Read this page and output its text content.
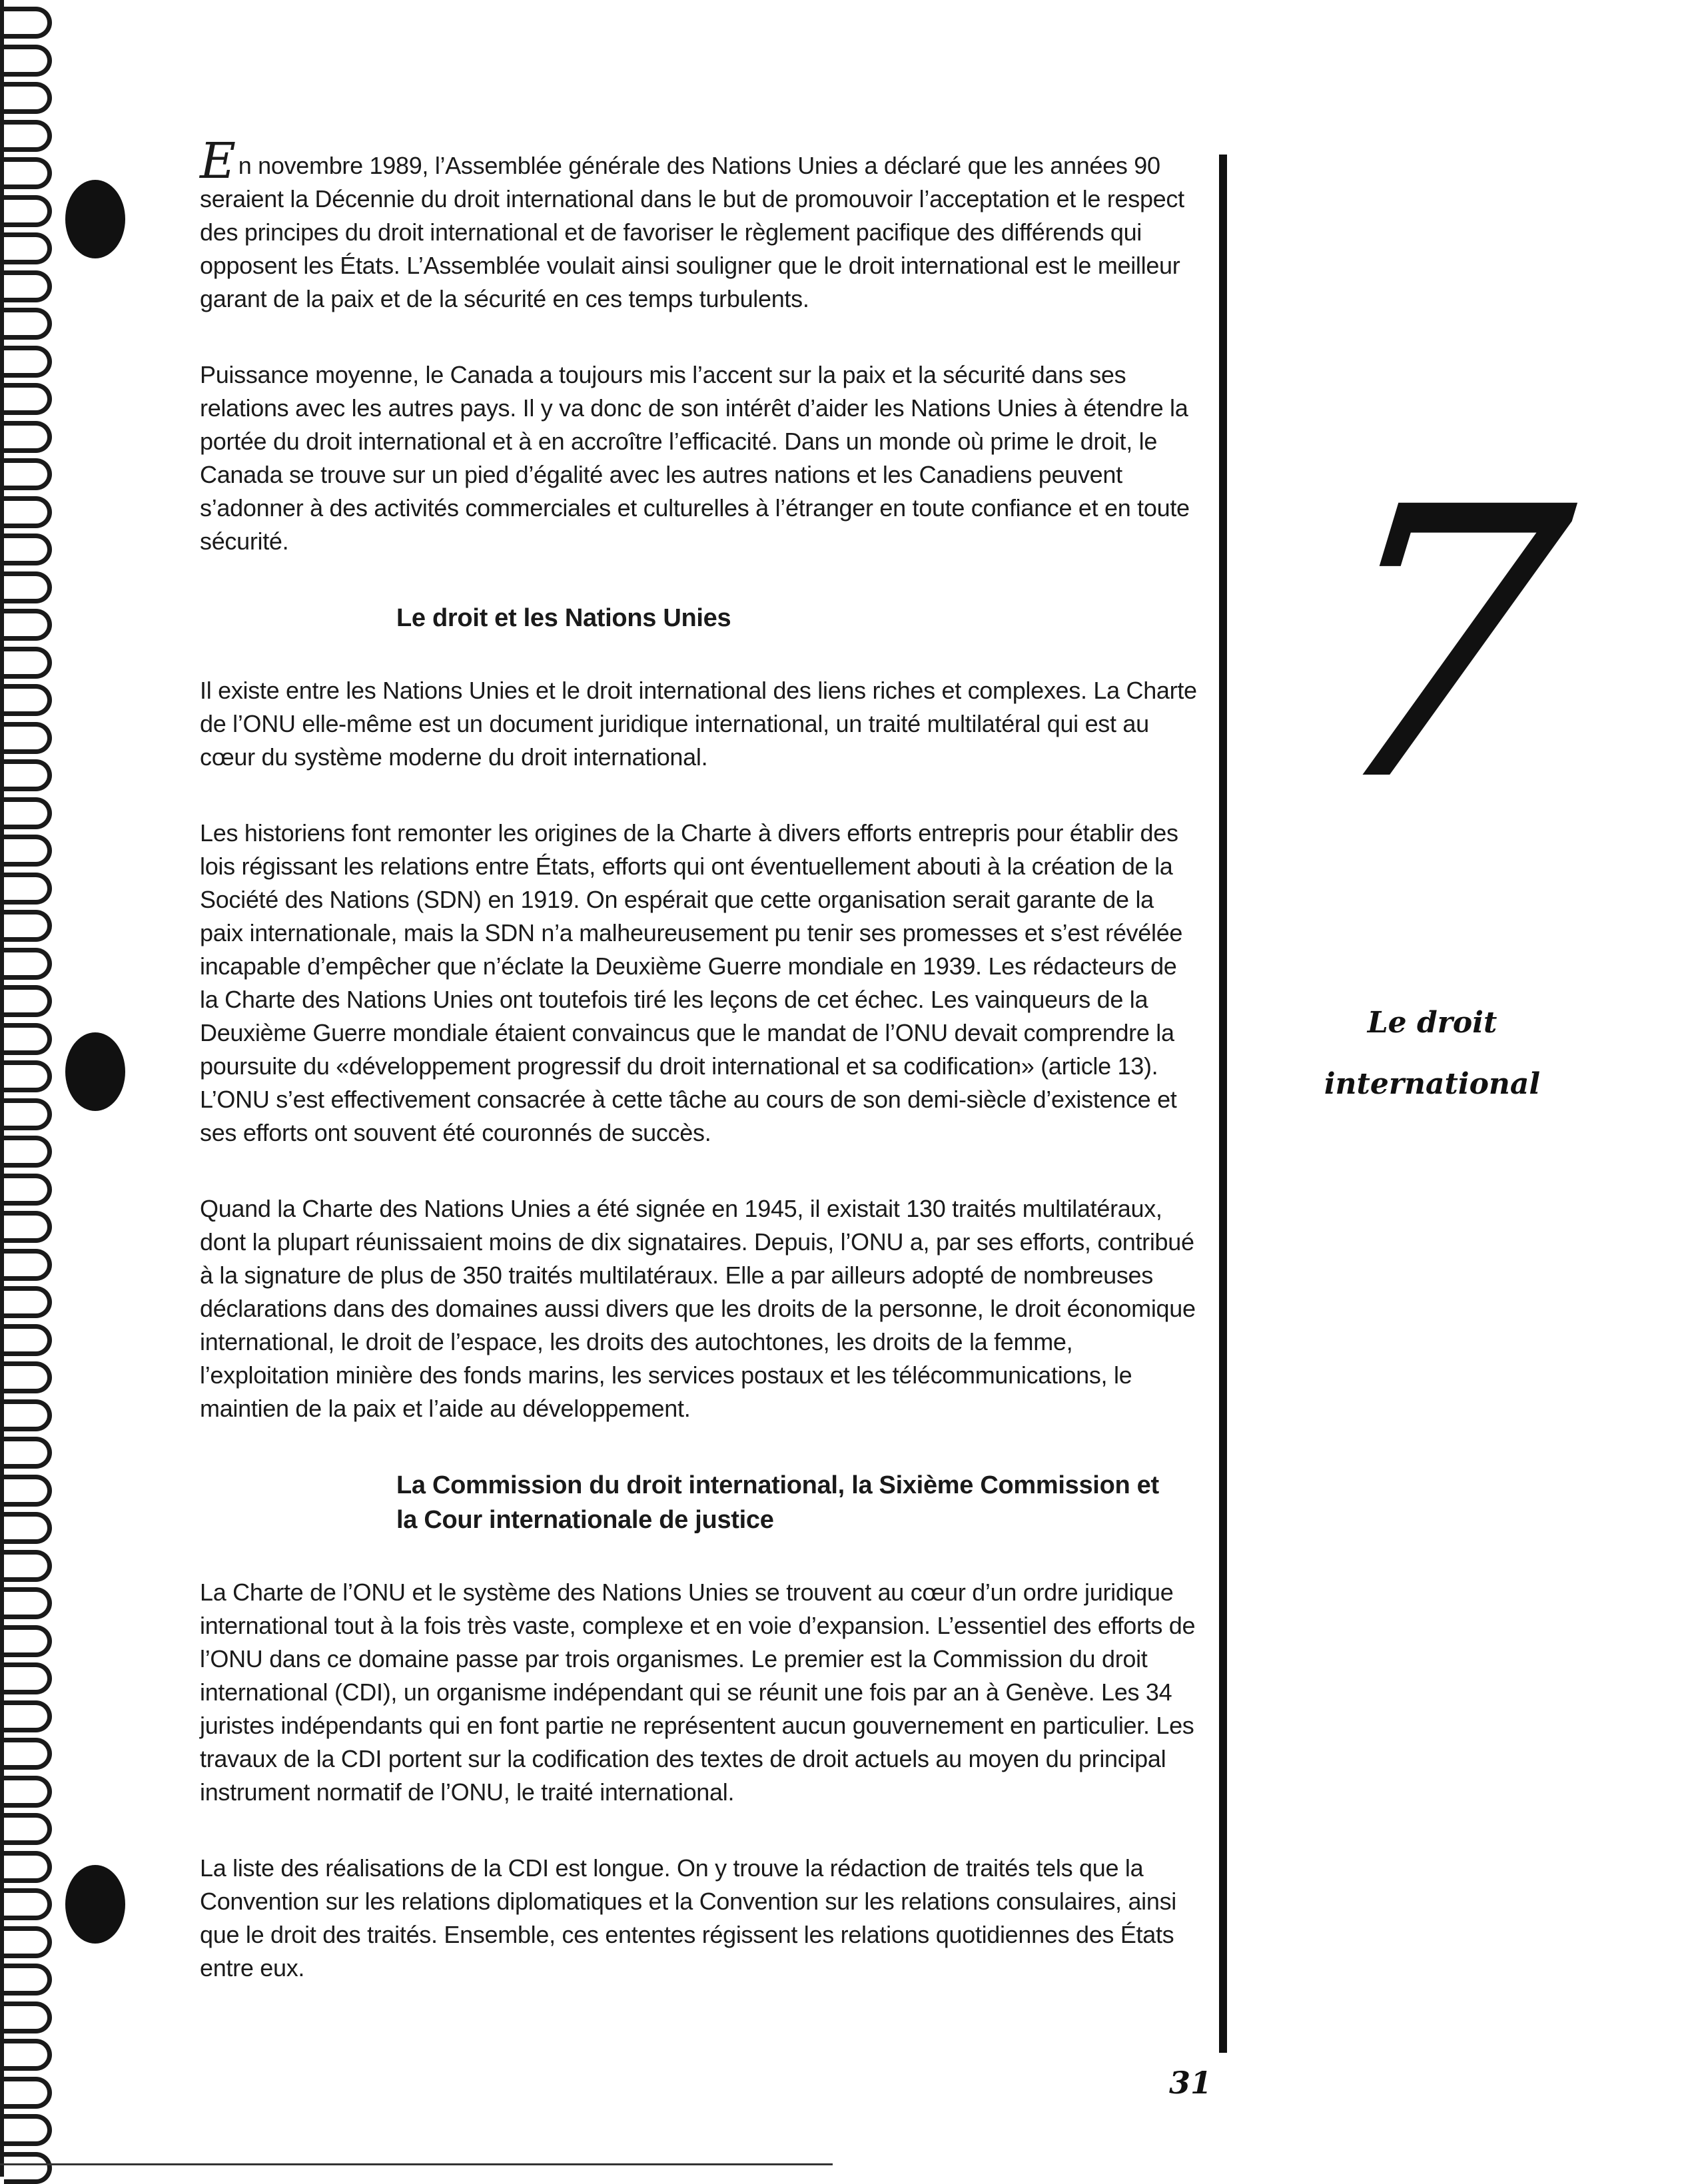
En novembre 1989, l’Assemblée générale des Nations Unies a déclaré que les années 90 seraient la Décennie du droit international dans le but de promouvoir l’acceptation et le respect des principes du droit international et de favoriser le règlement pacifique des différends qui opposent les États. L’Assemblée voulait ainsi souligner que le droit international est le meilleur garant de la paix et de la sécurité en ces temps turbulents.

Puissance moyenne, le Canada a toujours mis l’accent sur la paix et la sécurité dans ses relations avec les autres pays. Il y va donc de son intérêt d’aider les Nations Unies à étendre la portée du droit international et à en accroître l’efficacité. Dans un monde où prime le droit, le Canada se trouve sur un pied d’égalité avec les autres nations et les Canadiens peuvent s’adonner à des activités commerciales et culturelles à l’étranger en toute confiance et en toute sécurité.

Le droit et les Nations Unies

Il existe entre les Nations Unies et le droit international des liens riches et complexes. La Charte de l’ONU elle-même est un document juridique international, un traité multilatéral qui est au cœur du système moderne du droit international.

Les historiens font remonter les origines de la Charte à divers efforts entrepris pour établir des lois régissant les relations entre États, efforts qui ont éventuellement abouti à la création de la Société des Nations (SDN) en 1919. On espérait que cette organisation serait garante de la paix internationale, mais la SDN n’a malheureusement pu tenir ses promesses et s’est révélée incapable d’empêcher que n’éclate la Deuxième Guerre mondiale en 1939. Les rédacteurs de la Charte des Nations Unies ont toutefois tiré les leçons de cet échec. Les vainqueurs de la Deuxième Guerre mondiale étaient convaincus que le mandat de l’ONU devait comprendre la poursuite du «développement progressif du droit international et sa codification» (article 13). L’ONU s’est effectivement consacrée à cette tâche au cours de son demi-siècle d’existence et ses efforts ont souvent été couronnés de succès.

Quand la Charte des Nations Unies a été signée en 1945, il existait 130 traités multilatéraux, dont la plupart réunissaient moins de dix signataires. Depuis, l’ONU a, par ses efforts, contribué à la signature de plus de 350 traités multilatéraux. Elle a par ailleurs adopté de nombreuses déclarations dans des domaines aussi divers que les droits de la personne, le droit économique international, le droit de l’espace, les droits des autochtones, les droits de la femme, l’exploitation minière des fonds marins, les services postaux et les télécommunications, le maintien de la paix et l’aide au développement.

La Commission du droit international, la Sixième Commission et la Cour internationale de justice

La Charte de l’ONU et le système des Nations Unies se trouvent au cœur d’un ordre juridique international tout à la fois très vaste, complexe et en voie d’expansion. L’essentiel des efforts de l’ONU dans ce domaine passe par trois organismes. Le premier est la Commission du droit international (CDI), un organisme indépendant qui se réunit une fois par an à Genève. Les 34 juristes indépendants qui en font partie ne représentent aucun gouvernement en particulier. Les travaux de la CDI portent sur la codification des textes de droit actuels au moyen du principal instrument normatif de l’ONU, le traité international.

La liste des réalisations de la CDI est longue. On y trouve la rédaction de traités tels que la Convention sur les relations diplomatiques et la Convention sur les relations consulaires, ainsi que le droit des traités. Ensemble, ces ententes régissent les relations quotidiennes des États entre eux.

7
Le droit international
31
